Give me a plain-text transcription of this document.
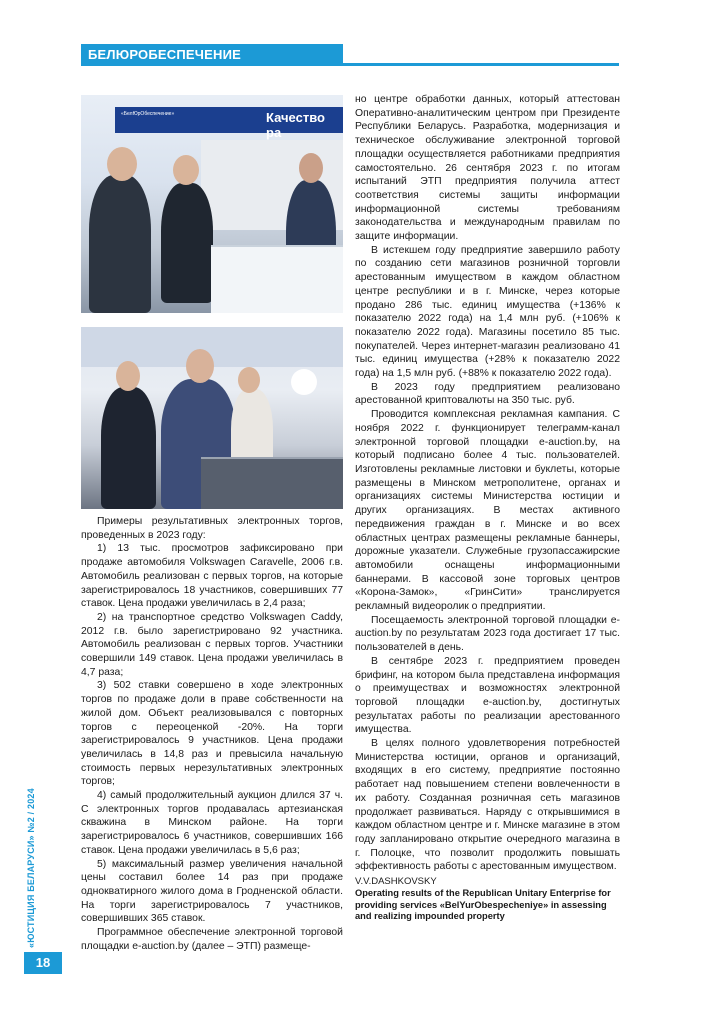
БЕЛЮРОБЕСПЕЧЕНИЕ
«БелЮрОбеспечение»	Качество ра

Примеры результативных электронных торгов, проведенных в 2023 году:

1) 13 тыс. просмотров зафиксировано при продаже автомобиля Volkswagen Caravelle, 2006 г.в. Автомобиль реализован с первых торгов, на которые зарегистрировалось 18 участников, совершивших 77 ставок. Цена продажи увеличилась в 2,4 раза;

2) на транспортное средство Volkswagen Caddy, 2012 г.в. было зарегистрировано 92 участника. Автомобиль реализован с первых торгов. Участники совершили 149 ставок. Цена продажи увеличилась в 4,7 раза;

3) 502 ставки совершено в ходе электронных торгов по продаже доли в праве собственности на жилой дом. Объект реализовывался с повторных торгов с переоценкой -20%. На торги зарегистрировалось 9 участников. Цена продажи увеличилась в 14,8 раз и превысила начальную стоимость первых нерезультативных электронных торгов;

4) самый продолжительный аукцион длился 37 ч. С электронных торгов продавалась артезианская скважина в Минском районе. На торги зарегистрировалось 6 участников, совершивших 166 ставок. Цена продажи увеличилась в 5,6 раз;

5) максимальный размер увеличения начальной цены составил более 14 раз при продаже однокватирного жилого дома в Гродненской области. На торги зарегистрировалось 7 участников, совершивших 365 ставок.

Программное обеспечение электронной торговой площадки e-auction.by (далее – ЭТП) размеще-

но центре обработки данных, который аттестован Оперативно-аналитическим центром при Президенте Республики Беларусь. Разработка, модернизация и техническое обслуживание электронной торговой площадки осуществляется работниками предприятия самостоятельно. 26 сентября 2023 г. по итогам испытаний ЭТП предприятия получила аттест соответствия системы защиты информации информационной системы требованиям законодательства и международным правилам по защите информации.

В истекшем году предприятие завершило работу по созданию сети магазинов розничной торговли арестованным имуществом в каждом областном центре республики и в г. Минске, через которые продано 286 тыс. единиц имущества (+136% к показателю 2022 года) на 1,4 млн руб. (+106% к показателю 2022 года). Магазины посетило 85 тыс. покупателей. Через интернет-магазин реализовано 41 тыс. единиц имущества (+28% к показателю 2022 года) на 1,5 млн руб. (+88% к показателю 2022 года).

В 2023 году предприятием реализовано арестованной криптовалюты на 350 тыс. руб.

Проводится комплексная рекламная кампания. С ноября 2022 г. функционирует телеграмм-канал электронной торговой площадки e-auction.by, на который подписано более 4 тыс. пользователей. Изготовлены рекламные листовки и буклеты, которые размещены в Минском метрополитене, органах и организациях системы Министерства юстиции и других организациях. В местах активного передвижения граждан в г. Минске и во всех областных центрах размещены рекламные баннеры, дорожные указатели. Служебные грузопассажирские автомобили оснащены информационными баннерами. В кассовой зоне торговых центров «Корона-Замок», «ГринСити» транслируется рекламный видеоролик о предприятии.

Посещаемость электронной торговой площадки e-auction.by по результатам 2023 года достигает 17 тыс. пользователей в день.

В сентябре 2023 г. предприятием проведен брифинг, на котором была представлена информация о преимуществах и возможностях электронной торговой площадки e-auction.by, достигнутых результатах работы по реализации арестованного имущества.

В целях полного удовлетворения потребностей Министерства юстиции, органов и организаций, входящих в его систему, предприятие постоянно работает над повышением степени вовлеченности в их работу. Созданная розничная сеть магазинов продолжает развиваться. Наряду с открывшимися в каждом областном центре и г. Минске магазине в этом году запланировано открытие очередного магазина в г. Полоцке, что позволит продолжить повышать эффективность работы с арестованным имуществом.

V.V.DASHKOVSKY
Operating results of the Republican Unitary Enterprise for providing services «BelYurObespecheniye» in assessing and realizing impounded property
«ЮСТИЦИЯ БЕЛАРУСИ» №2 / 2024
18
